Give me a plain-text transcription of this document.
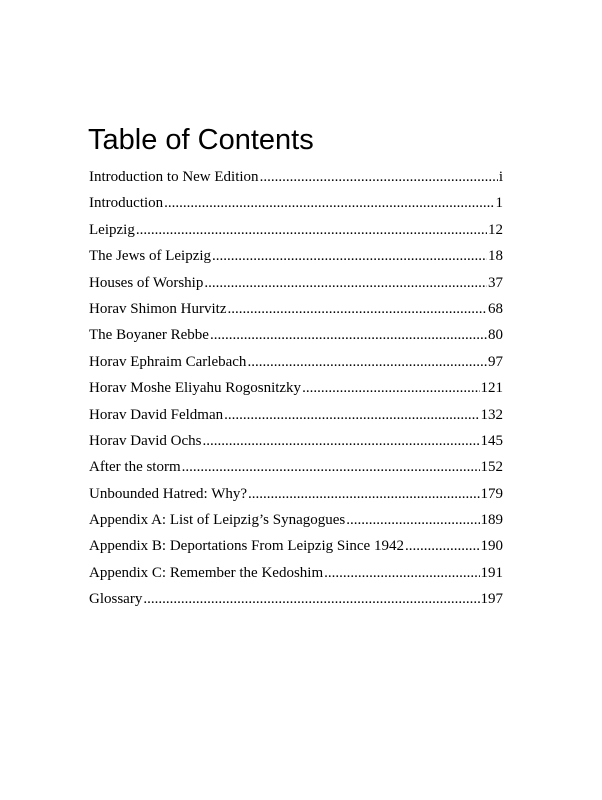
Table of Contents
Introduction to New Edition .....	i
Introduction .....	1
Leipzig .....	12
The Jews of Leipzig .....	18
Houses of Worship .....	37
Horav Shimon Hurvitz .....	68
The Boyaner Rebbe .....	80
Horav Ephraim Carlebach .....	97
Horav Moshe Eliyahu Rogosnitzky .....	121
Horav David Feldman .....	132
Horav David Ochs .....	145
After the storm .....	152
Unbounded Hatred: Why? .....	179
Appendix A: List of Leipzig’s Synagogues .....	189
Appendix B: Deportations From Leipzig Since 1942 .....	190
Appendix C: Remember the Kedoshim .....	191
Glossary .....	197
